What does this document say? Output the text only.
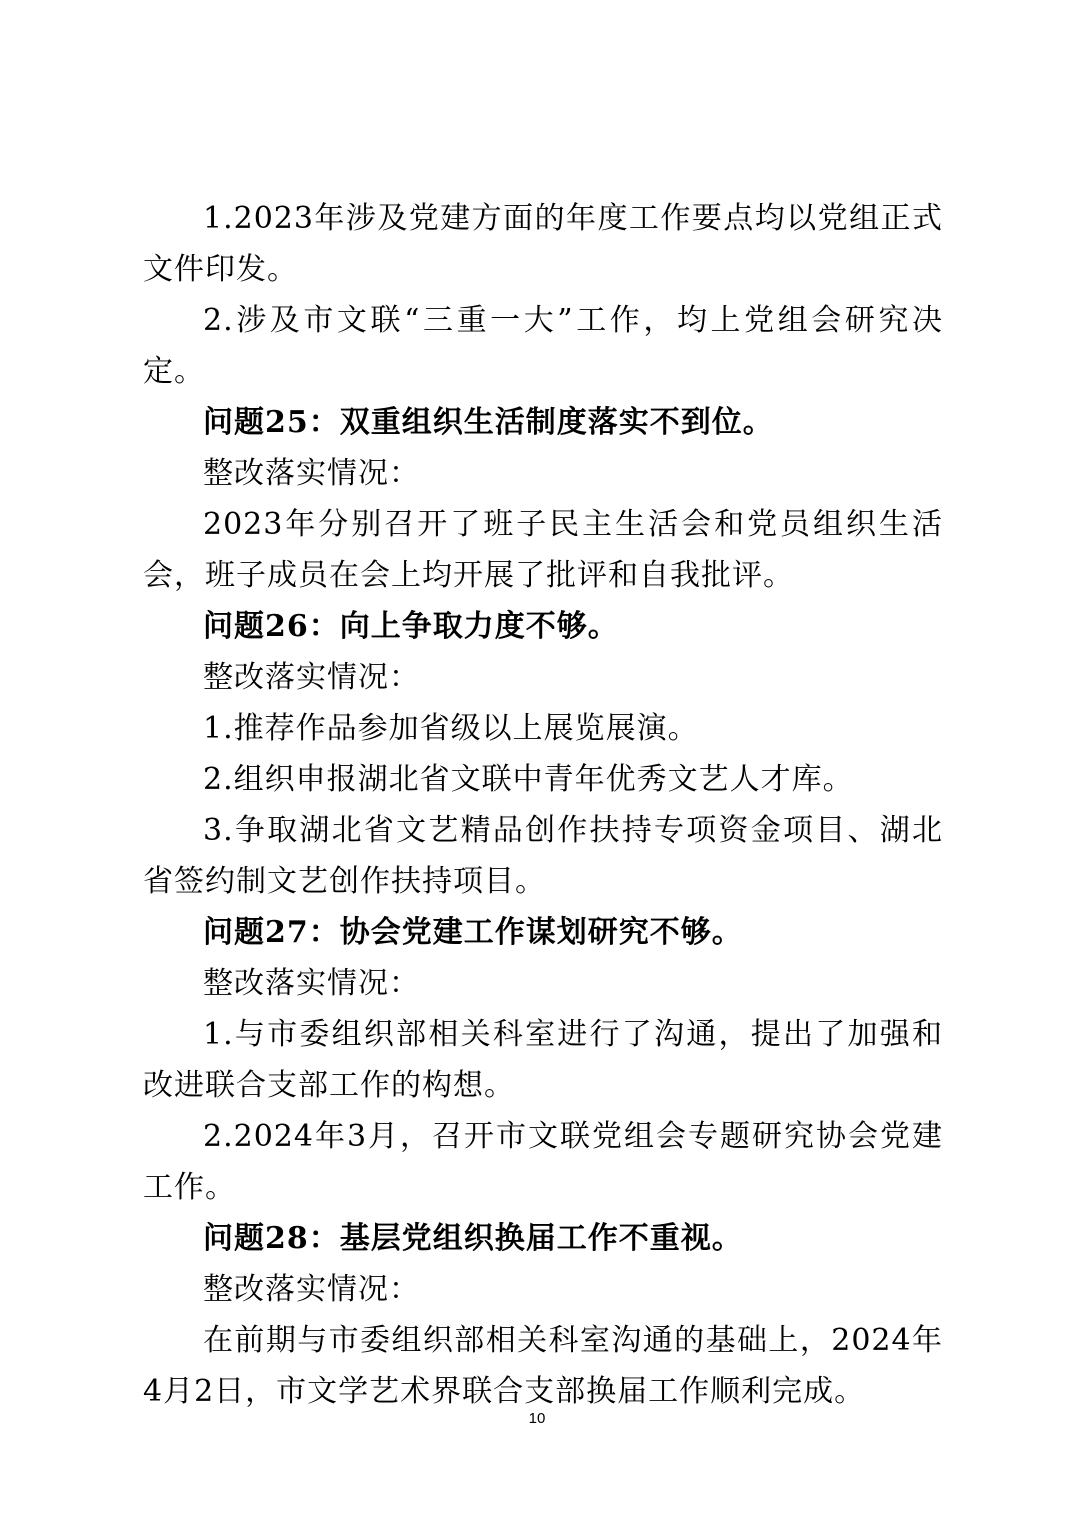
1.2023年涉及党建方面的年度工作要点均以党组正式文件印发。

2.涉及市文联“三重一大”工作，均上党组会研究决定。

问题25：双重组织生活制度落实不到位。

整改落实情况：

2023年分别召开了班子民主生活会和党员组织生活会，班子成员在会上均开展了批评和自我批评。

问题26：向上争取力度不够。

整改落实情况：

1.推荐作品参加省级以上展览展演。

2.组织申报湖北省文联中青年优秀文艺人才库。

3.争取湖北省文艺精品创作扶持专项资金项目、湖北省签约制文艺创作扶持项目。

问题27：协会党建工作谋划研究不够。

整改落实情况：

1.与市委组织部相关科室进行了沟通，提出了加强和改进联合支部工作的构想。

2.2024年3月，召开市文联党组会专题研究协会党建工作。

问题28：基层党组织换届工作不重视。

整改落实情况：

在前期与市委组织部相关科室沟通的基础上，2024年4月2日，市文学艺术界联合支部换届工作顺利完成。

10
